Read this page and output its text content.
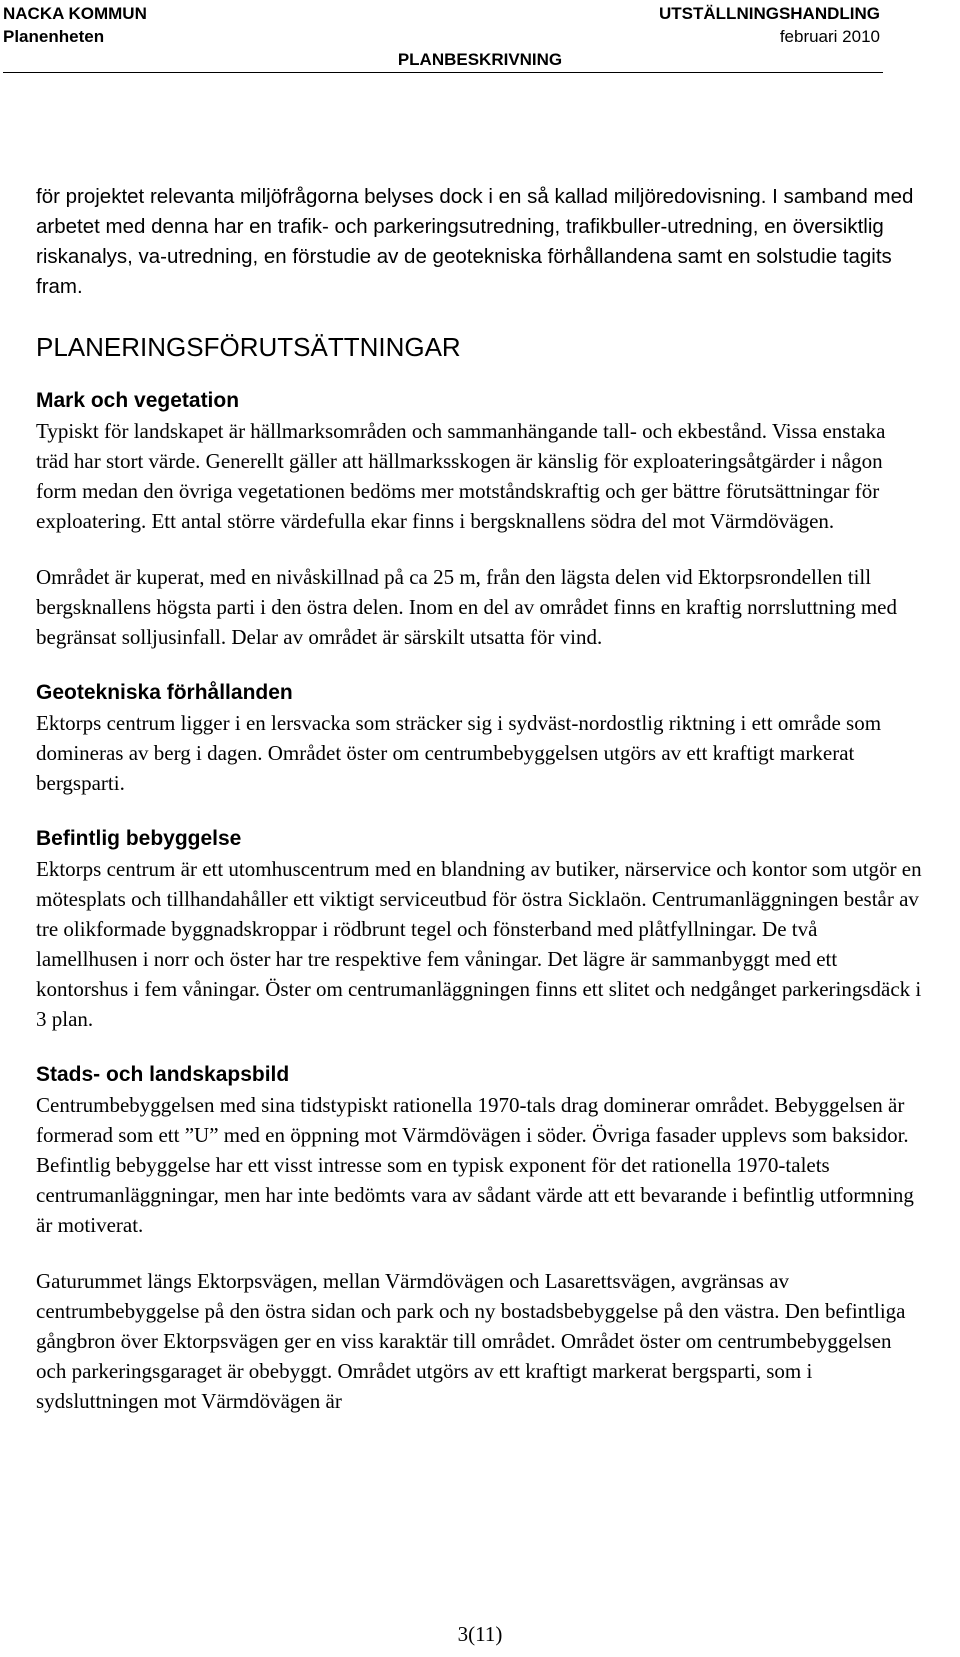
NACKA KOMMUN
Planenheten
UTSTÄLLNINGSHANDLING
februari 2010
PLANBESKRIVNING

för projektet relevanta miljöfrågorna belyses dock i en så kallad miljöredovisning. I samband med arbetet med denna har en trafik- och parkeringsutredning, trafikbuller-utredning, en översiktlig riskanalys, va-utredning, en förstudie av de geotekniska förhållandena samt en solstudie tagits fram.

PLANERINGSFÖRUTSÄTTNINGAR
Mark och vegetation

Typiskt för landskapet är hällmarksområden och sammanhängande tall- och ekbestånd. Vissa enstaka träd har stort värde. Generellt gäller att hällmarksskogen är känslig för exploateringsåtgärder i någon form medan den övriga vegetationen bedöms mer motståndskraftig och ger bättre förutsättningar för exploatering. Ett antal större värdefulla ekar finns i bergsknallens södra del mot Värmdövägen.

Området är kuperat, med en nivåskillnad på ca 25 m, från den lägsta delen vid Ektorpsrondellen till bergsknallens högsta parti i den östra delen. Inom en del av området finns en kraftig norrsluttning med begränsat solljusinfall. Delar av området är särskilt utsatta för vind.

Geotekniska förhållanden

Ektorps centrum ligger i en lersvacka som sträcker sig i sydväst-nordostlig riktning i ett område som domineras av berg i dagen. Området öster om centrumbebyggelsen utgörs av ett kraftigt markerat bergsparti.

Befintlig bebyggelse

Ektorps centrum är ett utomhuscentrum med en blandning av butiker, närservice och kontor som utgör en mötesplats och tillhandahåller ett viktigt serviceutbud för östra Sicklaön. Centrumanläggningen består av tre olikformade byggnadskroppar i rödbrunt tegel och fönsterband med plåtfyllningar. De två lamellhusen i norr och öster har tre respektive fem våningar. Det lägre är sammanbyggt med ett kontorshus i fem våningar. Öster om centrumanläggningen finns ett slitet och nedgånget parkeringsdäck i 3 plan.

Stads- och landskapsbild

Centrumbebyggelsen med sina tidstypiskt rationella 1970-tals drag dominerar området. Bebyggelsen är formerad som ett ”U” med en öppning mot Värmdövägen i söder. Övriga fasader upplevs som baksidor. Befintlig bebyggelse har ett visst intresse som en typisk exponent för det rationella 1970-talets centrumanläggningar, men har inte bedömts vara av sådant värde att ett bevarande i befintlig utformning är motiverat.

Gaturummet längs Ektorpsvägen, mellan Värmdövägen och Lasarettsvägen, avgränsas av centrumbebyggelse på den östra sidan och park och ny bostadsbebyggelse på den västra. Den befintliga gångbron över Ektorpsvägen ger en viss karaktär till området. Området öster om centrumbebyggelsen och parkeringsgaraget är obebyggt. Området utgörs av ett kraftigt markerat bergsparti, som i sydsluttningen mot Värmdövägen är

3(11)
